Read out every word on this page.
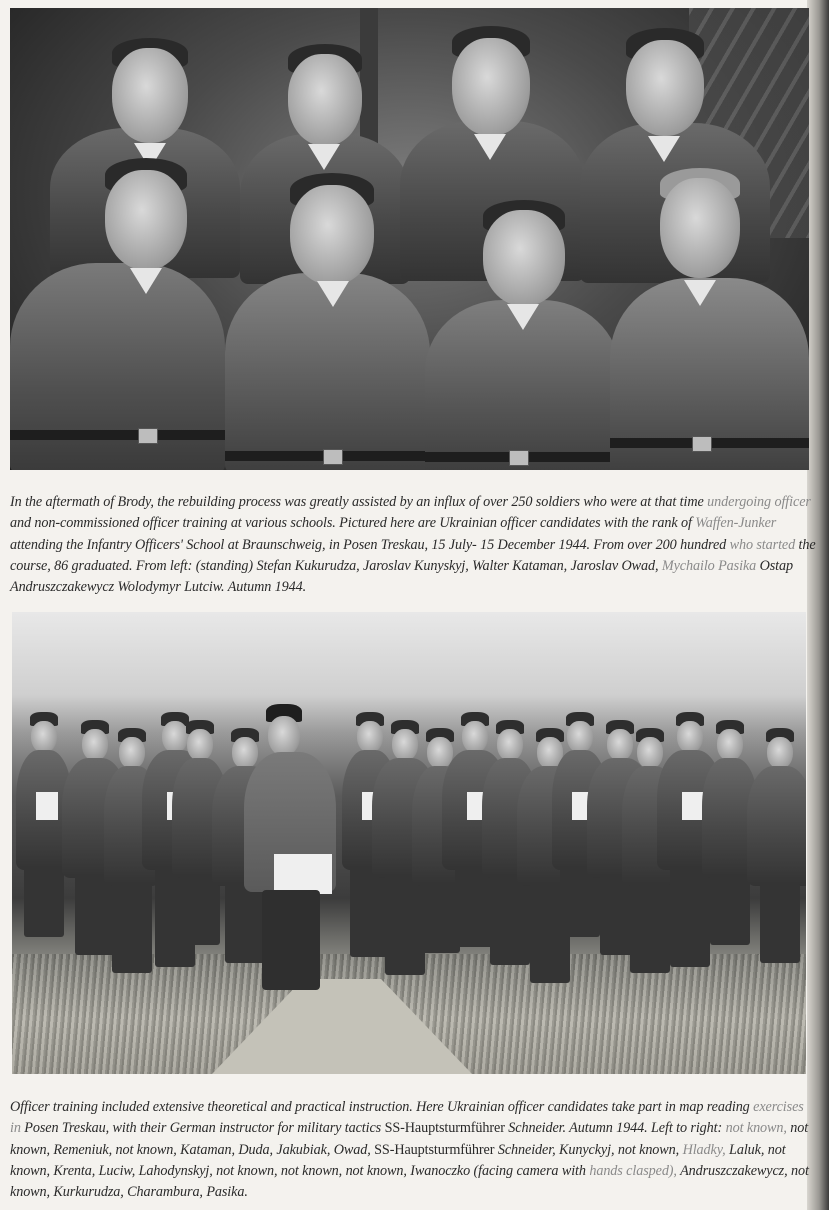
In the aftermath of Brody, the rebuilding process was greatly assisted by an influx of over 250 soldiers who were at that time undergoing officer and non-commissioned officer training at various schools. Pictured here are Ukrainian officer candidates with the rank of Waffen-Junker attending the Infantry Officers' School at Braunschweig, in Posen Treskau, 15 July- 15 December 1944. From over 200 hundred who started the course, 86 graduated. From left: (standing) Stefan Kukurudza, Jaroslav Kunyskyj, Walter Kataman, Jaroslav Owad, Mychailo Pasika Ostap Andruszczakewycz Wolodymyr Lutciw. Autumn 1944.

Officer training included extensive theoretical and practical instruction. Here Ukrainian officer candidates take part in map reading exercises in Posen Treskau, with their German instructor for military tactics SS-Hauptsturmführer Schneider. Autumn 1944. Left to right: not known, not known, Remeniuk, not known, Kataman, Duda, Jakubiak, Owad, SS-Hauptsturmführer Schneider, Kunyckyj, not known, Hladky, Laluk, not known, Krenta, Luciw, Lahodynskyj, not known, not known, not known, Iwanoczko (facing camera with hands clasped), Andruszczakewycz, not known, Kurkurudza, Charambura, Pasika.
